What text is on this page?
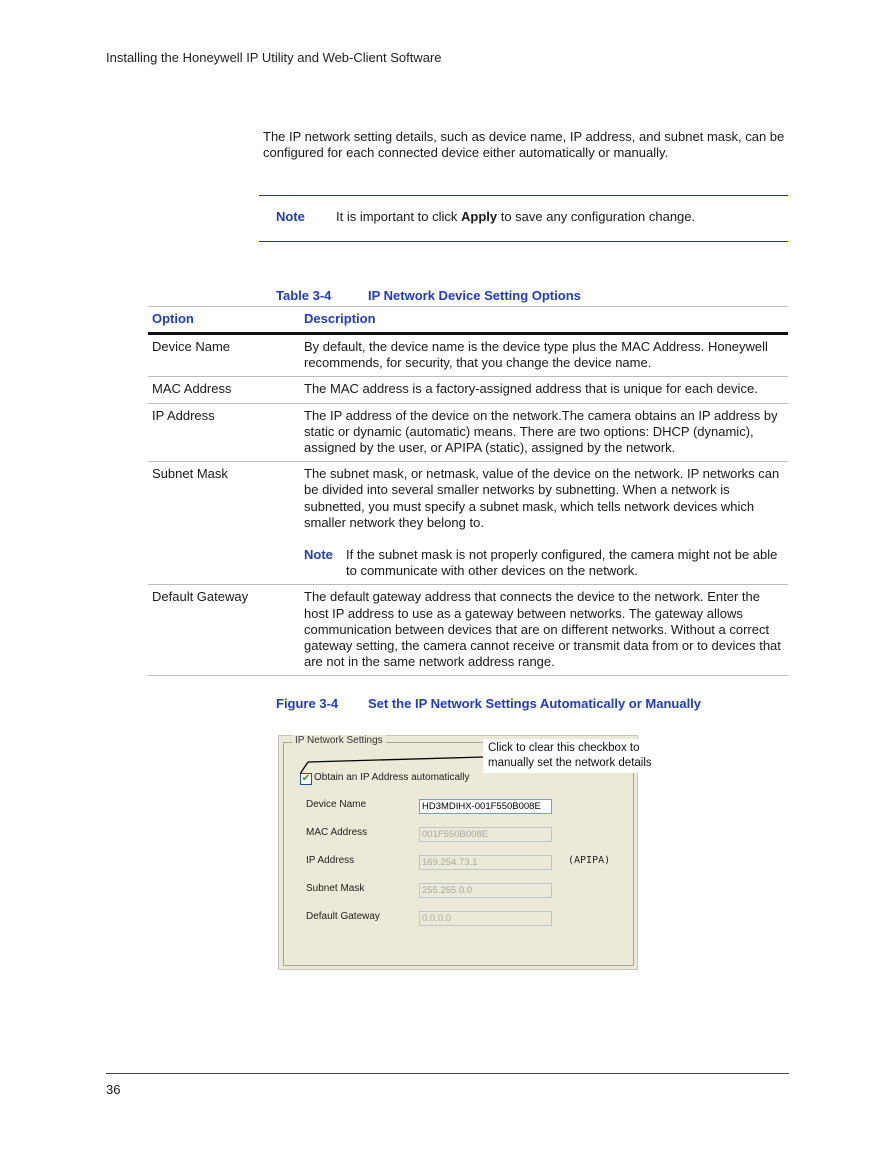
Installing the Honeywell IP Utility and Web-Client Software
The IP network setting details, such as device name, IP address, and subnet mask, can be configured for each connected device either automatically or manually.
Note It is important to click Apply to save any configuration change.
Table 3-4	IP Network Device Setting Options
Option	Description
Device Name	By default, the device name is the device type plus the MAC Address. Honeywell recommends, for security, that you change the device name.
MAC Address	The MAC address is a factory-assigned address that is unique for each device.
IP Address	The IP address of the device on the network.The camera obtains an IP address by static or dynamic (automatic) means. There are two options: DHCP (dynamic), assigned by the user, or APIPA (static), assigned by the network.
Subnet Mask	The subnet mask, or netmask, value of the device on the network. IP networks can be divided into several smaller networks by subnetting. When a network is subnetted, you must specify a subnet mask, which tells network devices which smaller network they belong to.
Note If the subnet mask is not properly configured, the camera might not be able to communicate with other devices on the network.

Default Gateway	The default gateway address that connects the device to the network. Enter the host IP address to use as a gateway between networks. The gateway allows communication between devices that are on different networks. Without a correct gateway setting, the camera cannot receive or transmit data from or to devices that are not in the same network address range.
Figure 3-4 Set the IP Network Settings Automatically or Manually
IP Network Settings
✔ Obtain an IP Address automatically
Device Name	HD3MDIHX-001F550B008E
MAC Address	001F550B008E
IP Address	169.254.73.1	(APIPA)
Subnet Mask	255.255.0.0
Default Gateway	0.0.0.0
Click to clear this checkbox to manually set the network details
36
